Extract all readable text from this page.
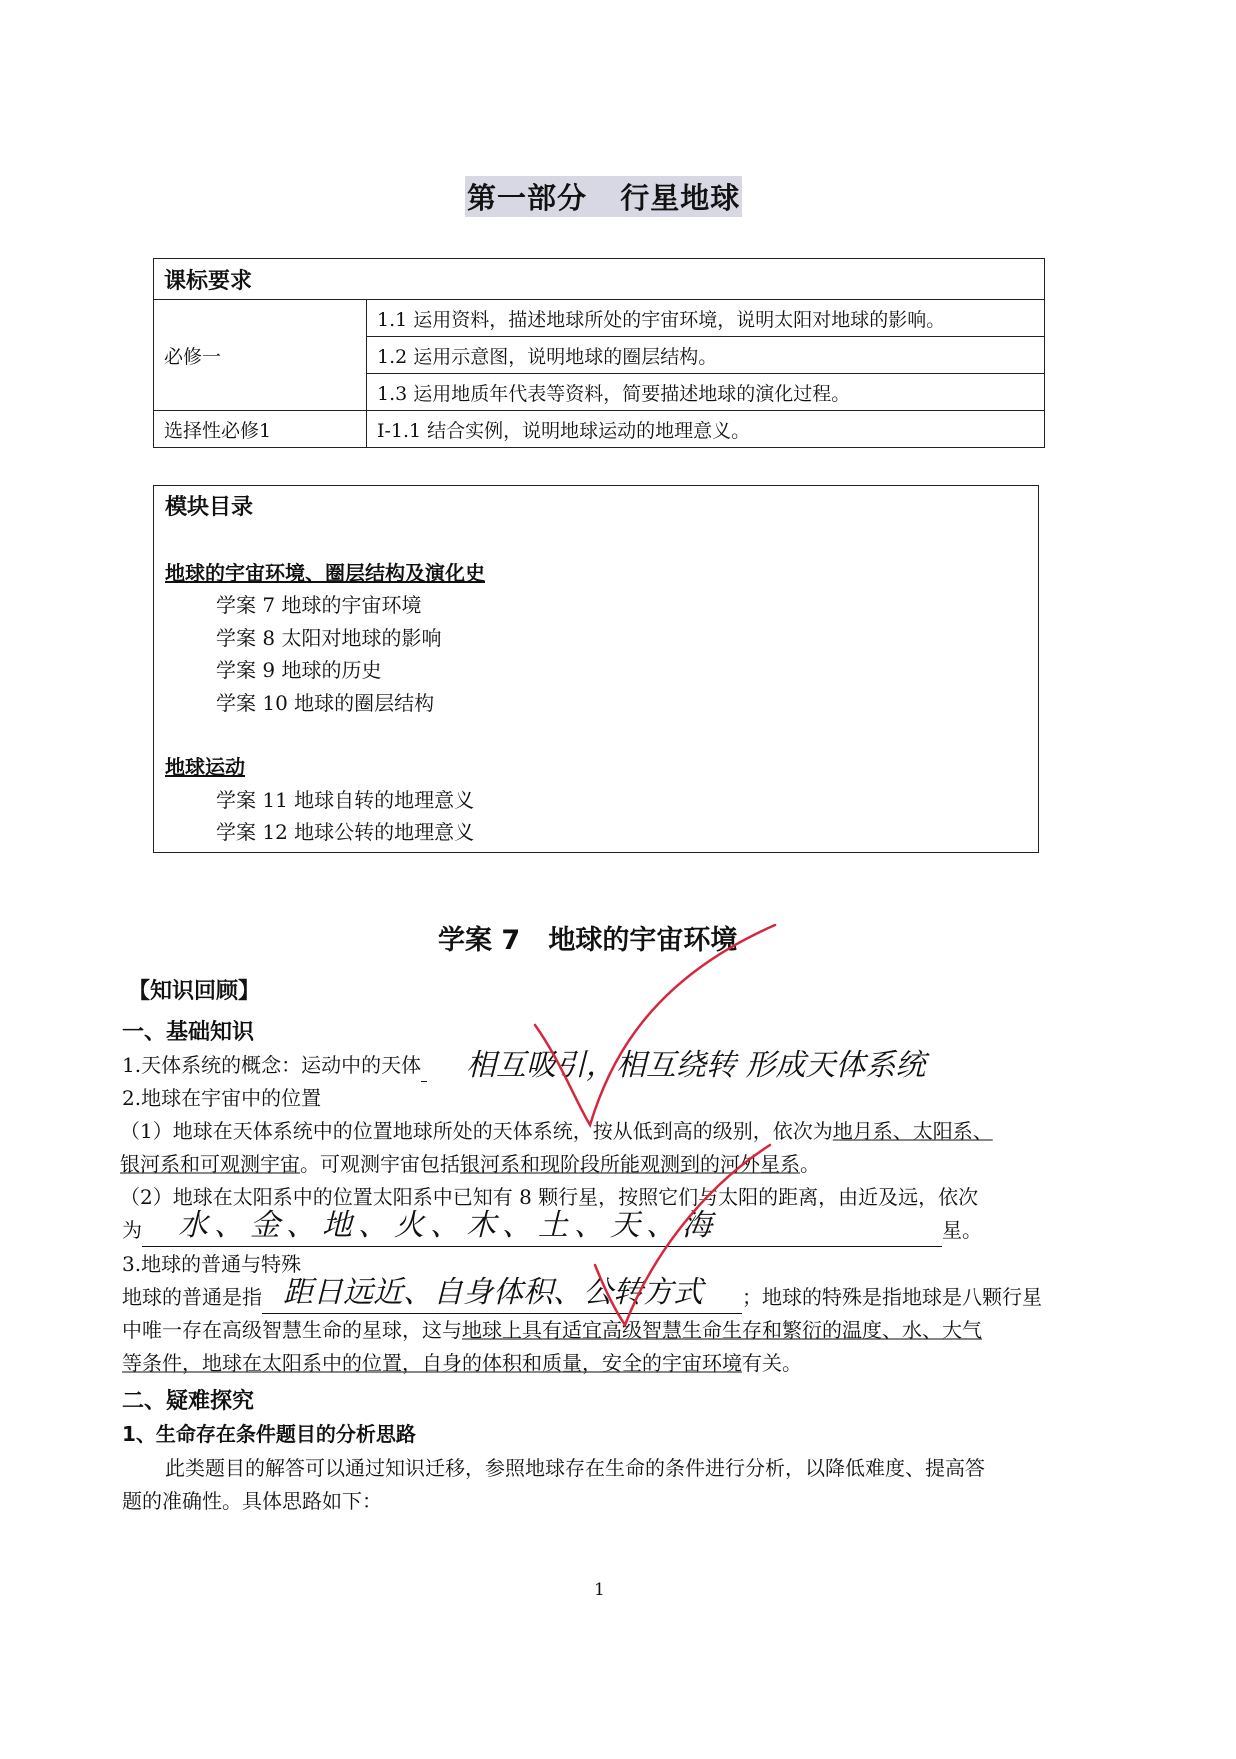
第一部分   行星地球
课标要求	
必修一	1.1 运用资料，描述地球所处的宇宙环境，说明太阳对地球的影响。
	1.2 运用示意图，说明地球的圈层结构。
	1.3 运用地质年代表等资料，简要描述地球的演化过程。
选择性必修1	Ⅰ-1.1 结合实例，说明地球运动的地理意义。
模块目录
地球的宇宙环境、圈层结构及演化史
学案 7 地球的宇宙环境
学案 8 太阳对地球的影响
学案 9 地球的历史
学案 10 地球的圈层结构
地球运动
学案 11 地球自转的地理意义
学案 12 地球公转的地理意义
学案 7   地球的宇宙环境
【知识回顾】
一、基础知识
1.天体系统的概念：运动中的天体 相互吸引，相互绕转 形成天体系统
2.地球在宇宙中的位置
（1）地球在天体系统中的位置地球所处的天体系统，按从低到高的级别，依次为地月系、太阳系、
银河系和可观测宇宙。可观测宇宙包括银河系和现阶段所能观测到的河外星系。
（2）地球在太阳系中的位置太阳系中已知有 8 颗行星，按照它们与太阳的距离，由近及远，依次
为	星。
水、金、地、火、木、土、天、海
3.地球的普通与特殊
地球的普通是指	；地球的特殊是指地球是八颗行星
距日远近、自身体积、公转方式
中唯一存在高级智慧生命的星球，这与地球上具有适宜高级智慧生命生存和繁衍的温度、水、大气
等条件，地球在太阳系中的位置，自身的体积和质量，安全的宇宙环境有关。
二、疑难探究
1、生命存在条件题目的分析思路
此类题目的解答可以通过知识迁移，参照地球存在生命的条件进行分析，以降低难度、提高答
题的准确性。具体思路如下：
1
